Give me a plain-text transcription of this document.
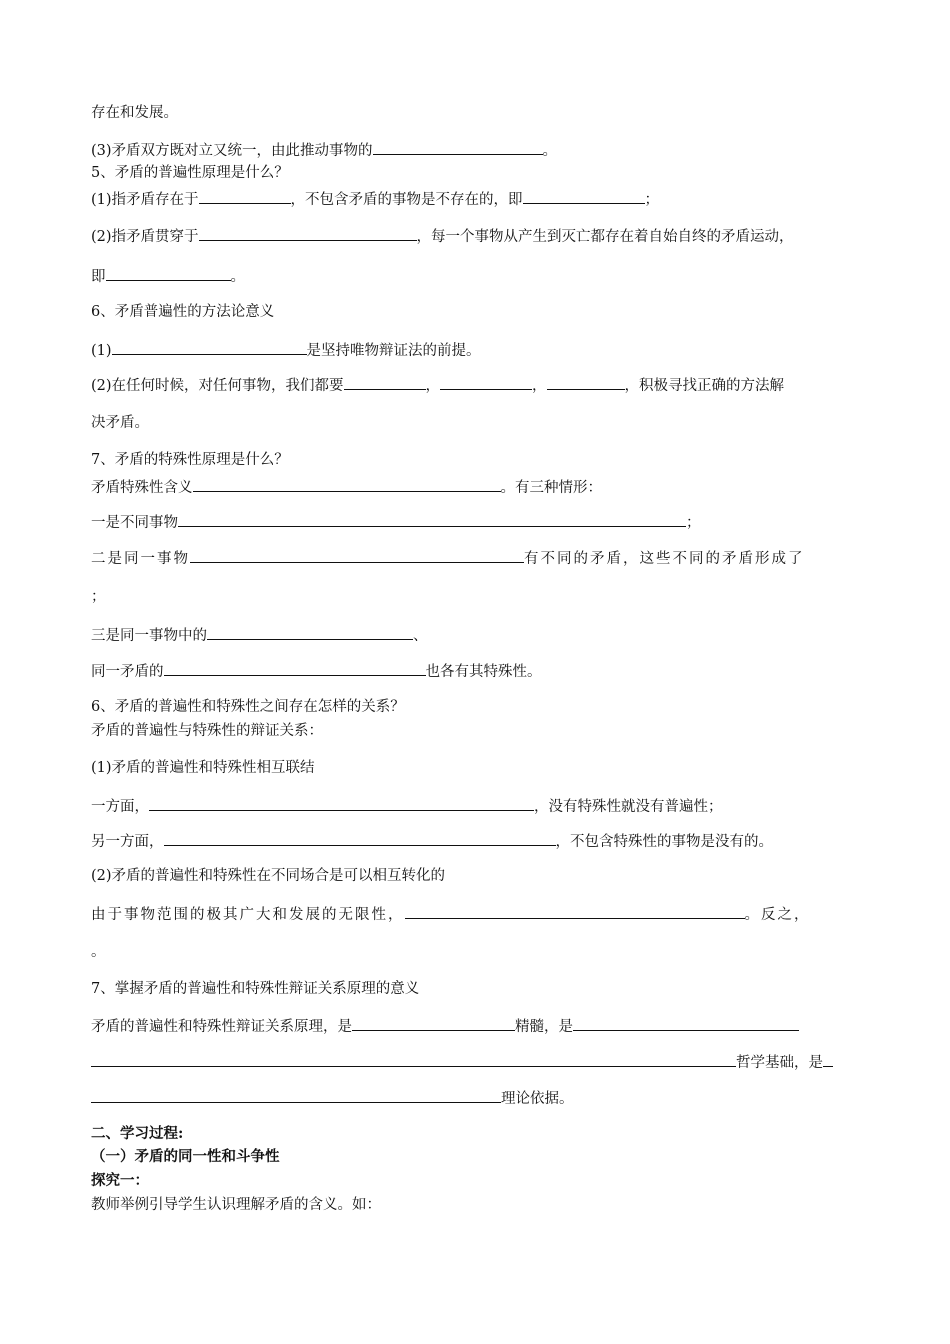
存在和发展。
(3)矛盾双方既对立又统一，由此推动事物的	。
5、矛盾的普遍性原理是什么？
(1)指矛盾存在于	，不包含矛盾的事物是不存在的，即	；
(2)指矛盾贯穿于	，每一个事物从产生到灭亡都存在着自始自终的矛盾运动，
即	。
6、矛盾普遍性的方法论意义
(1)	是坚持唯物辩证法的前提。
(2)在任何时候，对任何事物，我们都要	，	，	，积极寻找正确的方法解
决矛盾。
7、矛盾的特殊性原理是什么？
矛盾特殊性含义	。有三种情形：
一是不同事物	；
二是同一事物	有不同的矛盾，这些不同的矛盾形成了
；
三是同一事物中的	、
同一矛盾的	也各有其特殊性。
6、矛盾的普遍性和特殊性之间存在怎样的关系？
矛盾的普遍性与特殊性的辩证关系：
(1)矛盾的普遍性和特殊性相互联结
一方面，	，没有特殊性就没有普遍性；
另一方面，	，不包含特殊性的事物是没有的。
(2)矛盾的普遍性和特殊性在不同场合是可以相互转化的
由于事物范围的极其广大和发展的无限性，	。反之，
。
7、掌握矛盾的普遍性和特殊性辩证关系原理的意义
矛盾的普遍性和特殊性辩证关系原理，是	精髓，是
哲学基础，是
理论依据。
二、学习过程:
（一）矛盾的同一性和斗争性
探究一：
教师举例引导学生认识理解矛盾的含义。如：
